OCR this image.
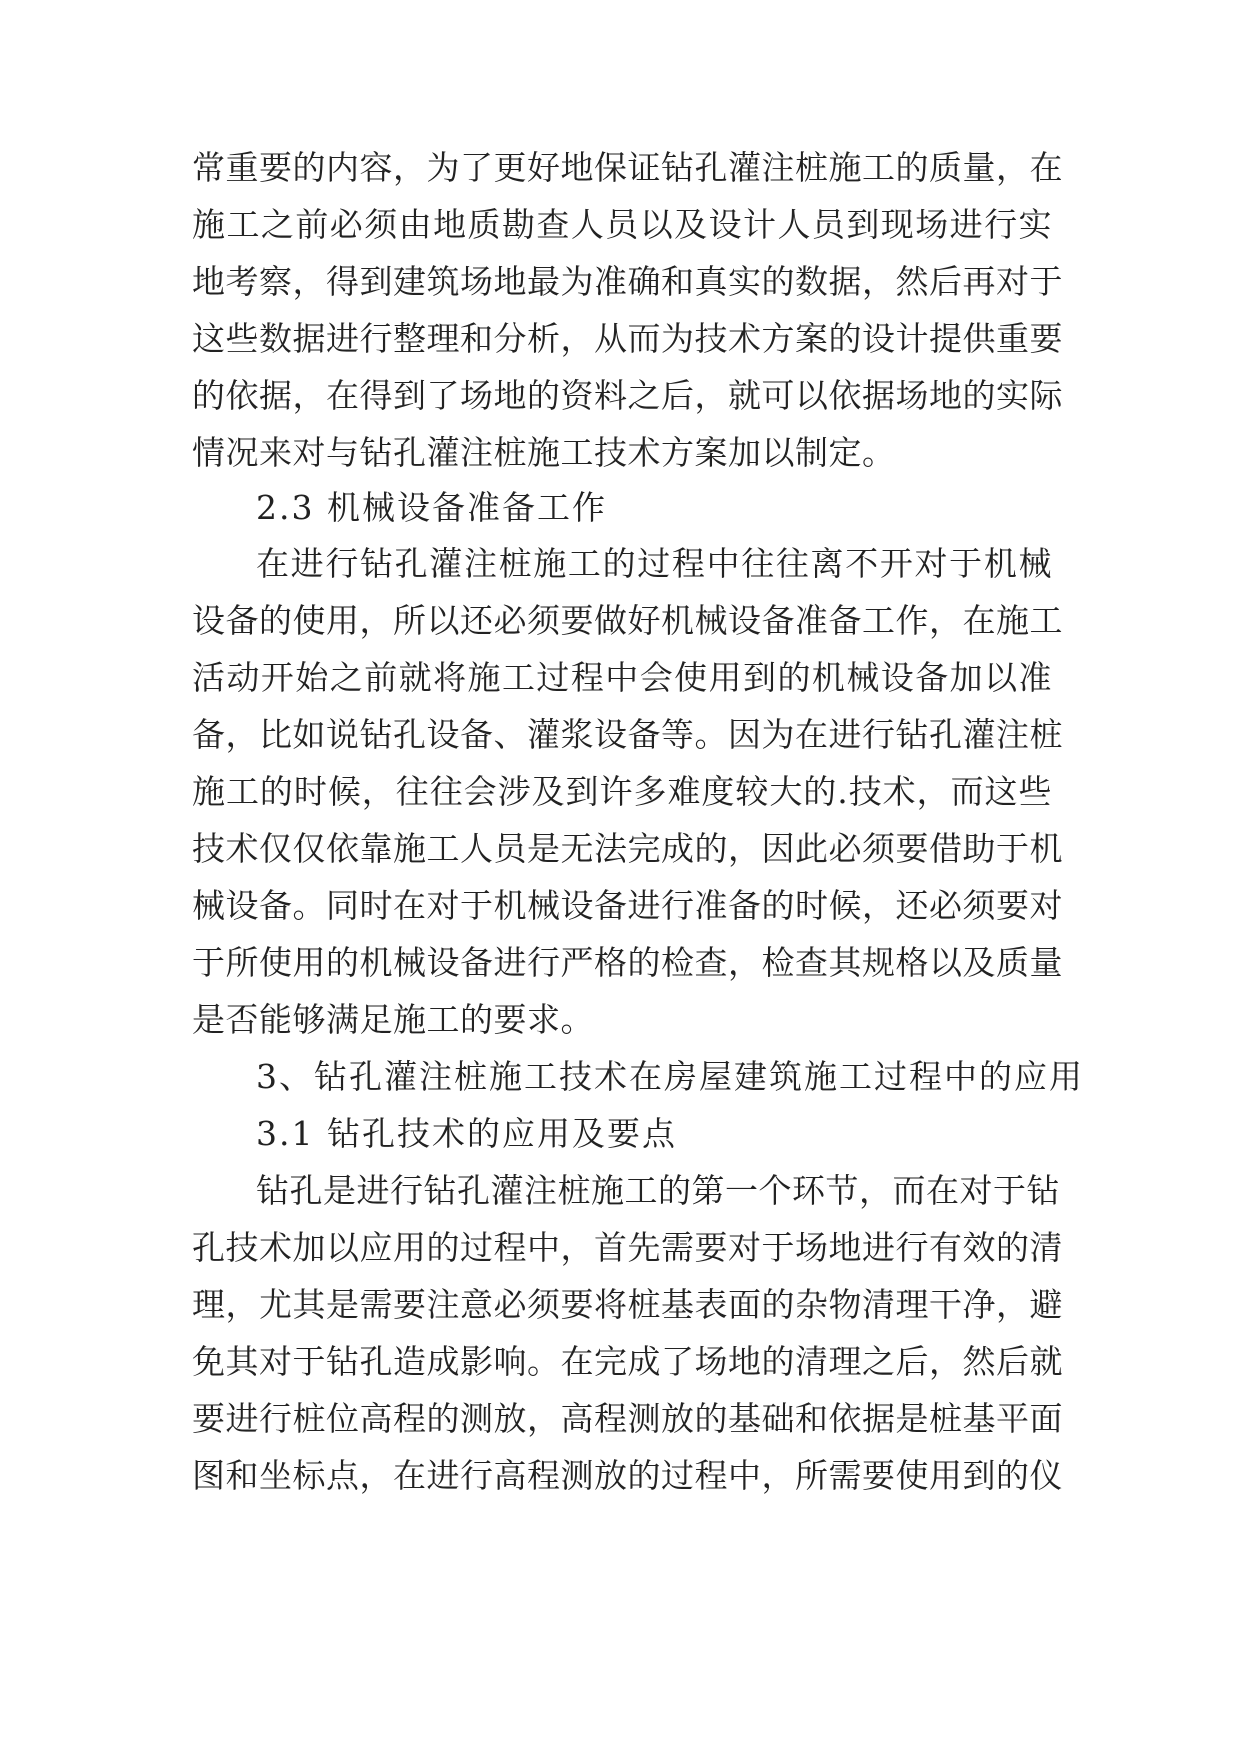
常重要的内容，为了更好地保证钻孔灌注桩施工的质量，在
施工之前必须由地质勘查人员以及设计人员到现场进行实
地考察，得到建筑场地最为准确和真实的数据，然后再对于
这些数据进行整理和分析，从而为技术方案的设计提供重要
的依据，在得到了场地的资料之后，就可以依据场地的实际
情况来对与钻孔灌注桩施工技术方案加以制定。
2.3 机械设备准备工作
在进行钻孔灌注桩施工的过程中往往离不开对于机械
设备的使用，所以还必须要做好机械设备准备工作，在施工
活动开始之前就将施工过程中会使用到的机械设备加以准
备，比如说钻孔设备、灌浆设备等。因为在进行钻孔灌注桩
施工的时候，往往会涉及到许多难度较大的.技术，而这些
技术仅仅依靠施工人员是无法完成的，因此必须要借助于机
械设备。同时在对于机械设备进行准备的时候，还必须要对
于所使用的机械设备进行严格的检查，检查其规格以及质量
是否能够满足施工的要求。
3、钻孔灌注桩施工技术在房屋建筑施工过程中的应用
3.1 钻孔技术的应用及要点
钻孔是进行钻孔灌注桩施工的第一个环节，而在对于钻
孔技术加以应用的过程中，首先需要对于场地进行有效的清
理，尤其是需要注意必须要将桩基表面的杂物清理干净，避
免其对于钻孔造成影响。在完成了场地的清理之后，然后就
要进行桩位高程的测放，高程测放的基础和依据是桩基平面
图和坐标点，在进行高程测放的过程中，所需要使用到的仪
